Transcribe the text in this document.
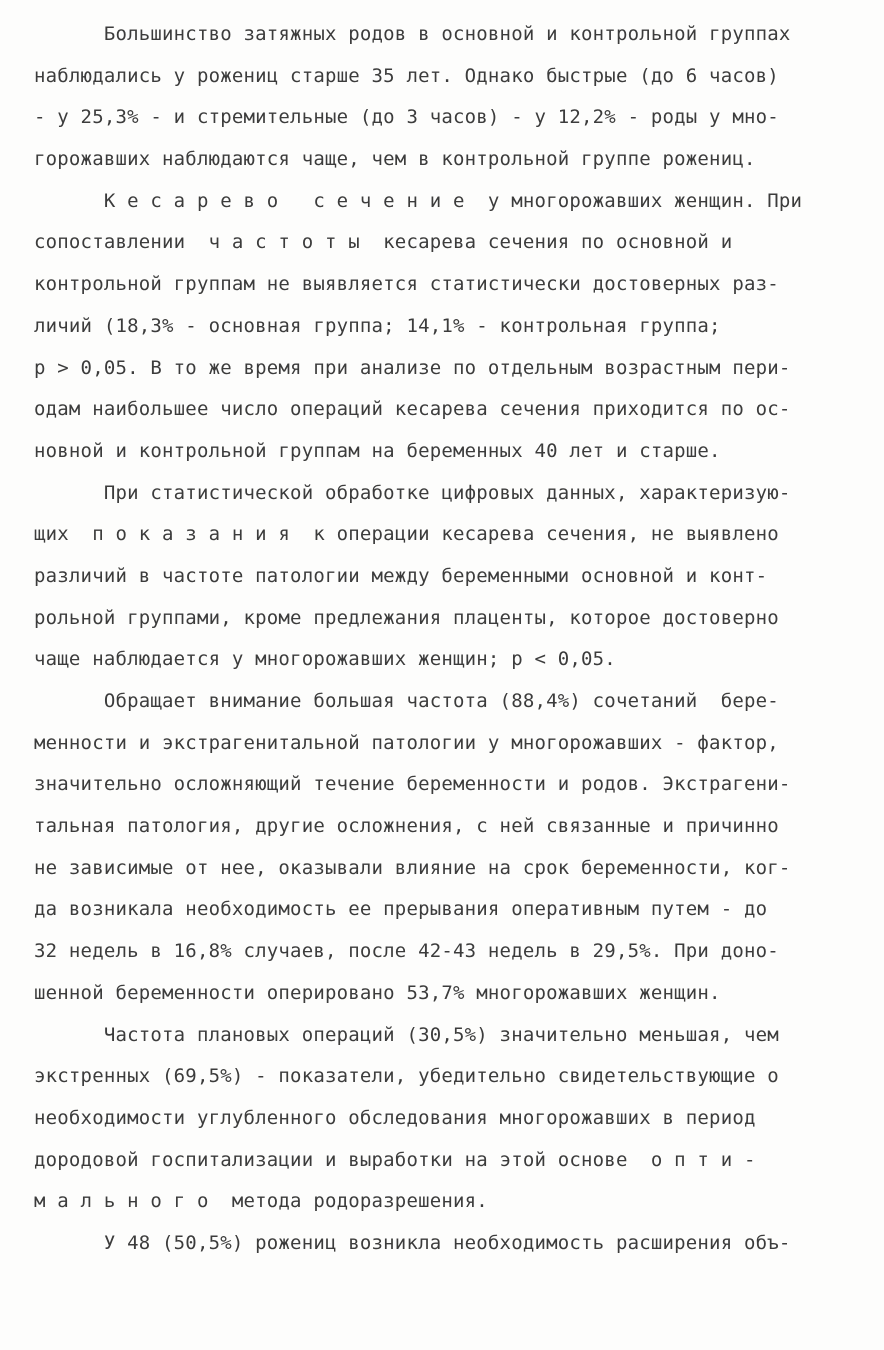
Большинство затяжных родов в основной и контрольной группах
наблюдались у рожениц старше 35 лет. Однако быстрые (до 6 часов)
- у 25,3% - и стремительные (до 3 часов) - у 12,2% - роды у мно-
горожавших наблюдаются чаще, чем в контрольной группе рожениц.
К е с а р е в о   с е ч е н и е  у многорожавших женщин. При
сопоставлении  ч а с т о т ы  кесарева сечения по основной и
контрольной группам не выявляется статистически достоверных раз-
личий (18,3% - основная группа; 14,1% - контрольная группа;
р > 0,05. В то же время при анализе по отдельным возрастным пери-
одам наибольшее число операций кесарева сечения приходится по ос-
новной и контрольной группам на беременных 40 лет и старше.
При статистической обработке цифровых данных, характеризую-
щих  п о к а з а н и я  к операции кесарева сечения, не выявлено
различий в частоте патологии между беременными основной и конт-
рольной группами, кроме предлежания плаценты, которое достоверно
чаще наблюдается у многорожавших женщин; р < 0,05.
Обращает внимание большая частота (88,4%) сочетаний  бере-
менности и экстрагенитальной патологии у многорожавших - фактор,
значительно осложняющий течение беременности и родов. Экстрагени-
тальная патология, другие осложнения, с ней связанные и причинно
не зависимые от нее, оказывали влияние на срок беременности, ког-
да возникала необходимость ее прерывания оперативным путем - до
32 недель в 16,8% случаев, после 42-43 недель в 29,5%. При доно-
шенной беременности оперировано 53,7% многорожавших женщин.
Частота плановых операций (30,5%) значительно меньшая, чем
экстренных (69,5%) - показатели, убедительно свидетельствующие о
необходимости углубленного обследования многорожавших в период
дородовой госпитализации и выработки на этой основе  о п т и -
м а л ь н о г о  метода родоразрешения.
У 48 (50,5%) рожениц возникла необходимость расширения объ-
